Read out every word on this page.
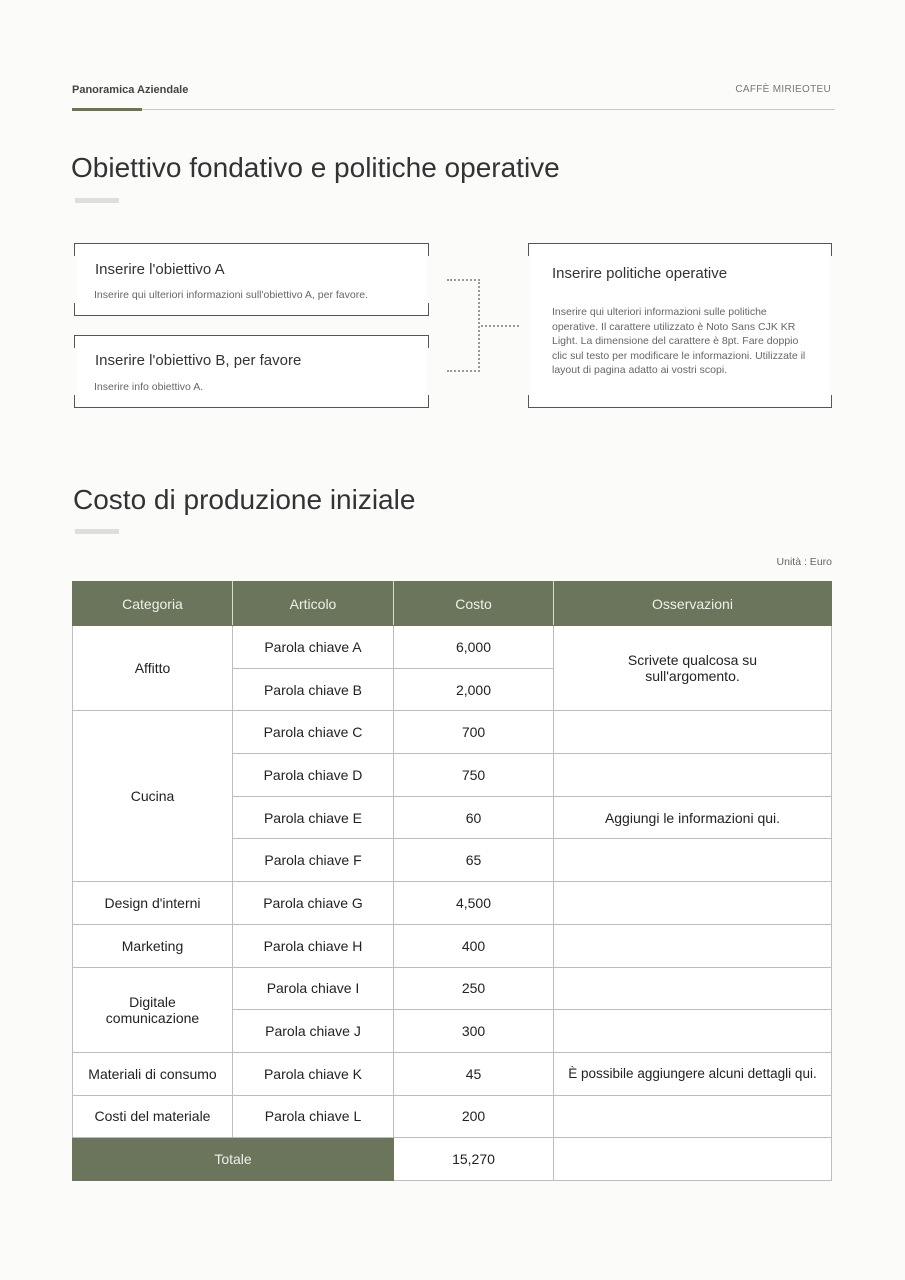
Panoramica Aziendale	CAFFÈ MIRIEOTEU
Obiettivo fondativo e politiche operative
Inserire l'obiettivo A
Inserire qui ulteriori informazioni sull'obiettivo A, per favore.
Inserire l'obiettivo B, per favore
Inserire info obiettivo A.
Inserire politiche operative
Inserire qui ulteriori informazioni sulle politiche operative. Il carattere utilizzato è Noto Sans CJK KR Light. La dimensione del carattere è 8pt. Fare doppio clic sul testo per modificare le informazioni. Utilizzate il layout di pagina adatto ai vostri scopi.
Costo di produzione iniziale
Unità : Euro
Categoria	Articolo	Costo	Osservazioni
Affitto	Parola chiave A	6,000	Scrivete qualcosa su sull'argomento.

	Parola chiave B	2,000	
Cucina	Parola chiave C	700	
	Parola chiave D	750	
	Parola chiave E	60	Aggiungi le informazioni qui.
	Parola chiave F	65	
Design d'interni	Parola chiave G	4,500	
Marketing	Parola chiave H	400	

Digitale comunicazione	Parola chiave I	250	
	Parola chiave J	300	
Materiali di consumo	Parola chiave K	45	È possibile aggiungere alcuni dettagli qui.
Costi del materiale	Parola chiave L	200	
Totale		15,270	
